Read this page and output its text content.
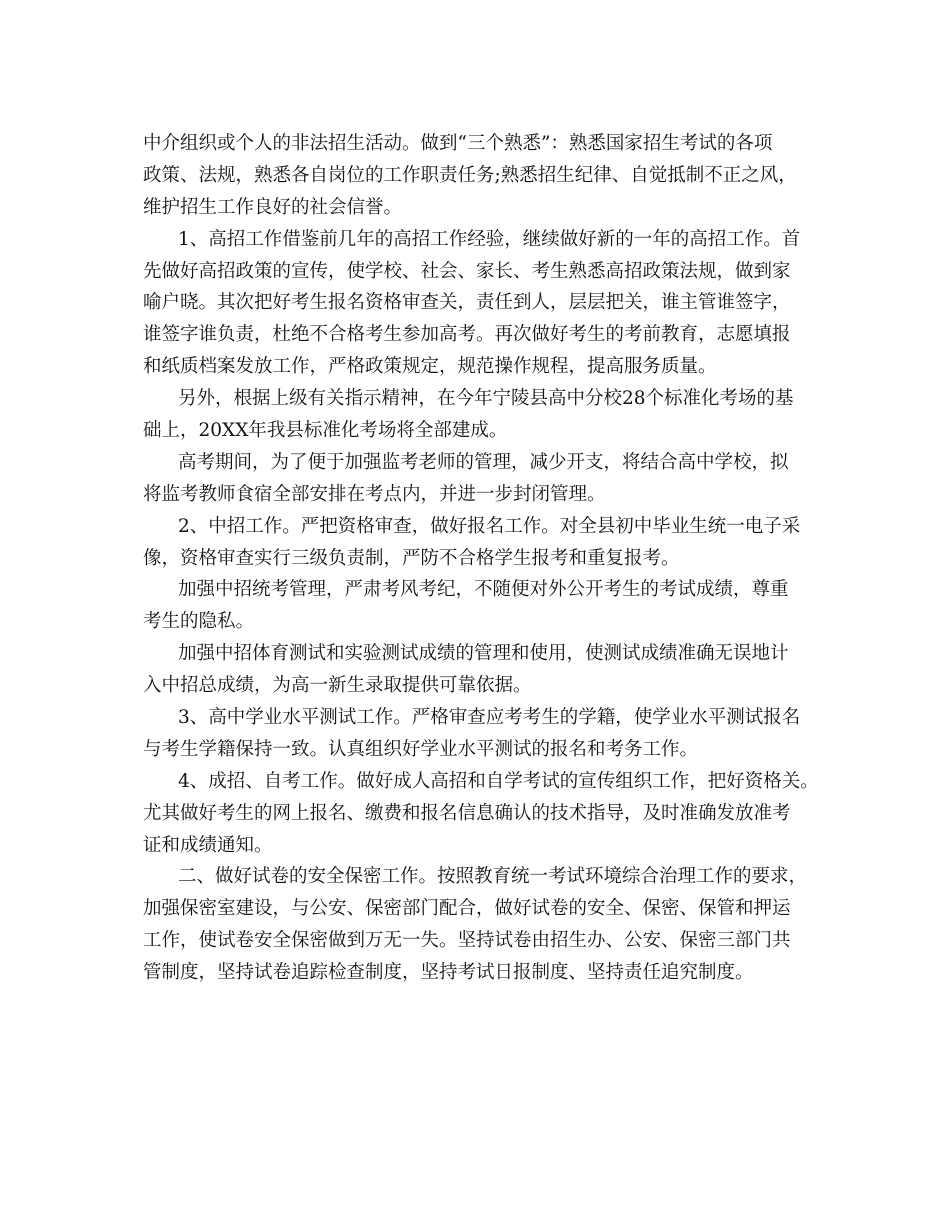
中介组织或个人的非法招生活动。做到“三个熟悉”：熟悉国家招生考试的各项
政策、法规，熟悉各自岗位的工作职责任务;熟悉招生纪律、自觉抵制不正之风，
维护招生工作良好的社会信誉。
1、高招工作借鉴前几年的高招工作经验，继续做好新的一年的高招工作。首
先做好高招政策的宣传，使学校、社会、家长、考生熟悉高招政策法规，做到家
喻户晓。其次把好考生报名资格审查关，责任到人，层层把关，谁主管谁签字，
谁签字谁负责，杜绝不合格考生参加高考。再次做好考生的考前教育，志愿填报
和纸质档案发放工作，严格政策规定，规范操作规程，提高服务质量。
另外，根据上级有关指示精神，在今年宁陵县高中分校28个标准化考场的基
础上，20XX年我县标准化考场将全部建成。
高考期间，为了便于加强监考老师的管理，减少开支，将结合高中学校，拟
将监考教师食宿全部安排在考点内，并进一步封闭管理。
2、中招工作。严把资格审查，做好报名工作。对全县初中毕业生统一电子采
像，资格审查实行三级负责制，严防不合格学生报考和重复报考。
加强中招统考管理，严肃考风考纪，不随便对外公开考生的考试成绩，尊重
考生的隐私。
加强中招体育测试和实验测试成绩的管理和使用，使测试成绩准确无误地计
入中招总成绩，为高一新生录取提供可靠依据。
3、高中学业水平测试工作。严格审查应考考生的学籍，使学业水平测试报名
与考生学籍保持一致。认真组织好学业水平测试的报名和考务工作。
4、成招、自考工作。做好成人高招和自学考试的宣传组织工作，把好资格关。
尤其做好考生的网上报名、缴费和报名信息确认的技术指导，及时准确发放准考
证和成绩通知。
二、做好试卷的安全保密工作。按照教育统一考试环境综合治理工作的要求，
加强保密室建设，与公安、保密部门配合，做好试卷的安全、保密、保管和押运
工作，使试卷安全保密做到万无一失。坚持试卷由招生办、公安、保密三部门共
管制度，坚持试卷追踪检查制度，坚持考试日报制度、坚持责任追究制度。
